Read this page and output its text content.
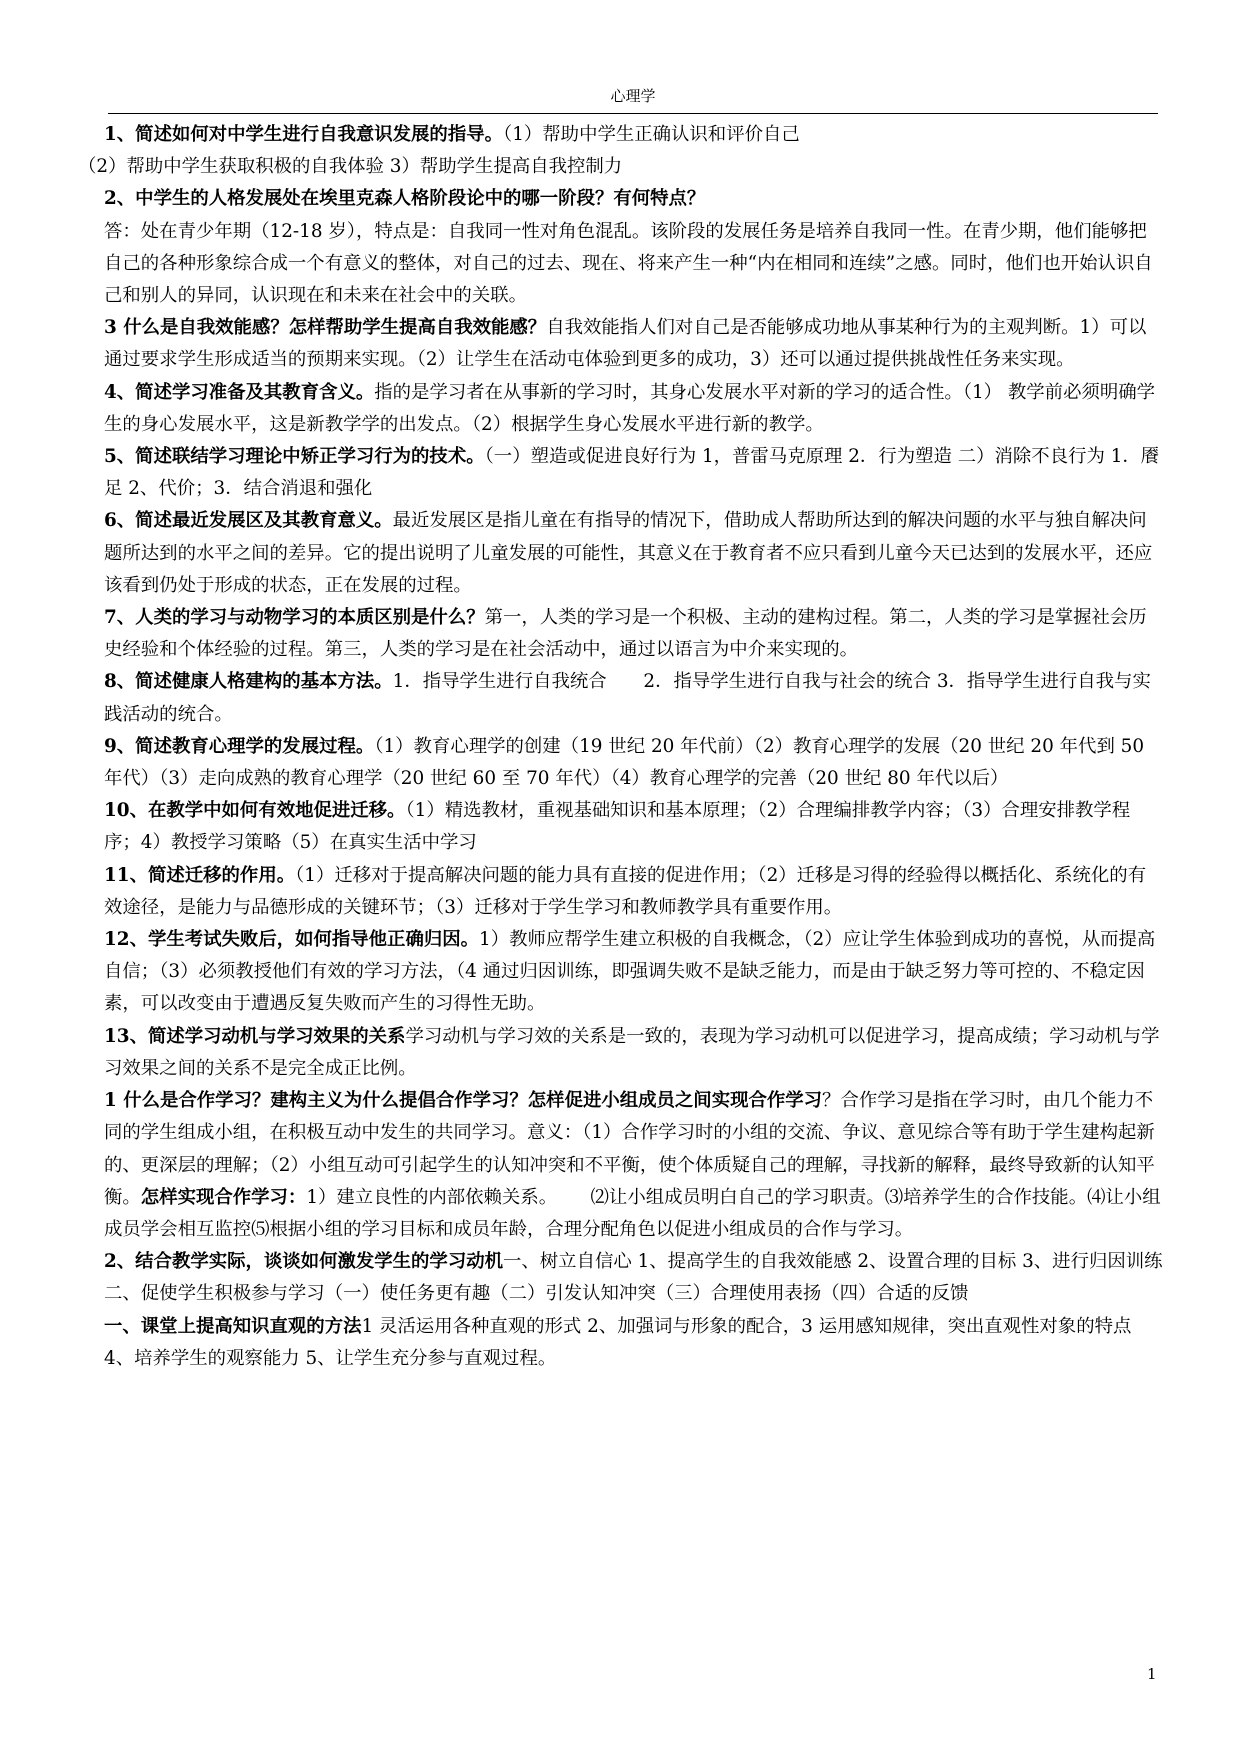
心理学

1、简述如何对中学生进行自我意识发展的指导。（1）帮助中学生正确认识和评价自己

（2）帮助中学生获取积极的自我体验 3）帮助学生提高自我控制力

2、中学生的人格发展处在埃里克森人格阶段论中的哪一阶段？有何特点？

答：处在青少年期（12-18 岁），特点是：自我同一性对角色混乱。该阶段的发展任务是培养自我同一性。在青少期，他们能够把自己的各种形象综合成一个有意义的整体，对自己的过去、现在、将来产生一种“内在相同和连续”之感。同时，他们也开始认识自己和别人的异同，认识现在和未来在社会中的关联。

3 什么是自我效能感？怎样帮助学生提高自我效能感？自我效能指人们对自己是否能够成功地从事某种行为的主观判断。1）可以通过要求学生形成适当的预期来实现。（2）让学生在活动屯体验到更多的成功，3）还可以通过提供挑战性任务来实现。

4、简述学习准备及其教育含义。指的是学习者在从事新的学习时，其身心发展水平对新的学习的适合性。（1） 教学前必须明确学生的身心发展水平，这是新教学学的出发点。（2）根据学生身心发展水平进行新的教学。

5、简述联结学习理论中矫正学习行为的技术。（一）塑造或促进良好行为 1，普雷马克原理 2．行为塑造 二）消除不良行为 1．餍足 2、代价；3．结合消退和强化

6、简述最近发展区及其教育意义。最近发展区是指儿童在有指导的情况下，借助成人帮助所达到的解决问题的水平与独自解决问题所达到的水平之间的差异。它的提出说明了儿童发展的可能性，其意义在于教育者不应只看到儿童今天已达到的发展水平，还应该看到仍处于形成的状态，正在发展的过程。

7、人类的学习与动物学习的本质区别是什么？第一，人类的学习是一个积极、主动的建构过程。第二，人类的学习是掌握社会历史经验和个体经验的过程。第三，人类的学习是在社会活动中，通过以语言为中介来实现的。

8、简述健康人格建构的基本方法。1．指导学生进行自我统合　　2．指导学生进行自我与社会的统合 3．指导学生进行自我与实践活动的统合。

9、简述教育心理学的发展过程。（1）教育心理学的创建（19 世纪 20 年代前）（2）教育心理学的发展（20 世纪 20 年代到 50 年代）（3）走向成熟的教育心理学（20 世纪 60 至 70 年代）（4）教育心理学的完善（20 世纪 80 年代以后）

10、在教学中如何有效地促进迁移。（1）精选教材，重视基础知识和基本原理；（2）合理编排教学内容；（3）合理安排教学程序；4）教授学习策略（5）在真实生活中学习

11、简述迁移的作用。（1）迁移对于提高解决问题的能力具有直接的促进作用；（2）迁移是习得的经验得以概括化、系统化的有效途径，是能力与品德形成的关键环节；（3）迁移对于学生学习和教师教学具有重要作用。

12、学生考试失败后，如何指导他正确归因。1）教师应帮学生建立积极的自我概念，（2）应让学生体验到成功的喜悦，从而提高自信；（3）必须教授他们有效的学习方法，（4 通过归因训练，即强调失败不是缺乏能力，而是由于缺乏努力等可控的、不稳定因素，可以改变由于遭遇反复失败而产生的习得性无助。

13、简述学习动机与学习效果的关系学习动机与学习效的关系是一致的，表现为学习动机可以促进学习，提高成绩；学习动机与学习效果之间的关系不是完全成正比例。

1 什么是合作学习？建构主义为什么提倡合作学习？怎样促进小组成员之间实现合作学习？合作学习是指在学习时，由几个能力不同的学生组成小组，在积极互动中发生的共同学习。意义：（1）合作学习时的小组的交流、争议、意见综合等有助于学生建构起新的、更深层的理解；（2）小组互动可引起学生的认知冲突和不平衡，使个体质疑自己的理解，寻找新的解释，最终导致新的认知平衡。怎样实现合作学习：1）建立良性的内部依赖关系。　　 ⑵让小组成员明白自己的学习职责。⑶培养学生的合作技能。⑷让小组成员学会相互监控⑸根据小组的学习目标和成员年龄，合理分配角色以促进小组成员的合作与学习。

2、结合教学实际，谈谈如何激发学生的学习动机一、树立自信心 1、提高学生的自我效能感 2、设置合理的目标 3、进行归因训练二、促使学生积极参与学习（一）使任务更有趣（二）引发认知冲突（三）合理使用表扬（四）合适的反馈

一、课堂上提高知识直观的方法1 灵活运用各种直观的形式 2、加强词与形象的配合，3 运用感知规律，突出直观性对象的特点 4、培养学生的观察能力 5、让学生充分参与直观过程。

1
